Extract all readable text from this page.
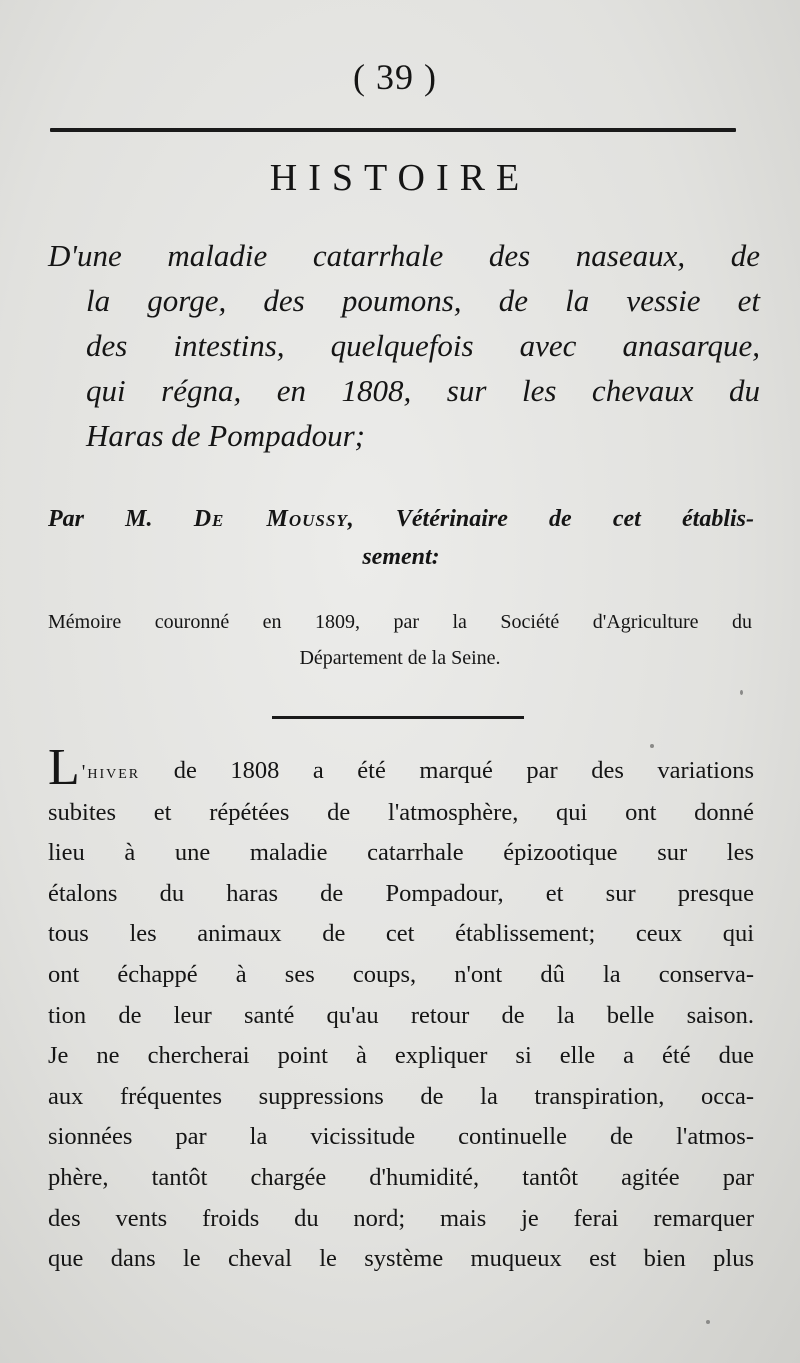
( 39 )
HISTOIRE
D'une maladie catarrhale des naseaux, de
la gorge, des poumons, de la vessie et
des intestins, quelquefois avec anasarque,
qui régna, en 1808, sur les chevaux du
Haras de Pompadour;
Par M. De Moussy, Vétérinaire de cet établis-
sement:
Mémoire couronné en 1809, par la Société d'Agriculture du
Département de la Seine.
L 'hiver de 1808 a été marqué par des variations
subites et répétées de l'atmosphère, qui ont donné
lieu à une maladie catarrhale épizootique sur les
étalons du haras de Pompadour, et sur presque
tous les animaux de cet établissement; ceux qui
ont échappé à ses coups, n'ont dû la conserva-
tion de leur santé qu'au retour de la belle saison.
Je ne chercherai point à expliquer si elle a été due
aux fréquentes suppressions de la transpiration, occa-
sionnées par la vicissitude continuelle de l'atmos-
phère, tantôt chargée d'humidité, tantôt agitée par
des vents froids du nord; mais je ferai remarquer
que dans le cheval le système muqueux est bien plus
